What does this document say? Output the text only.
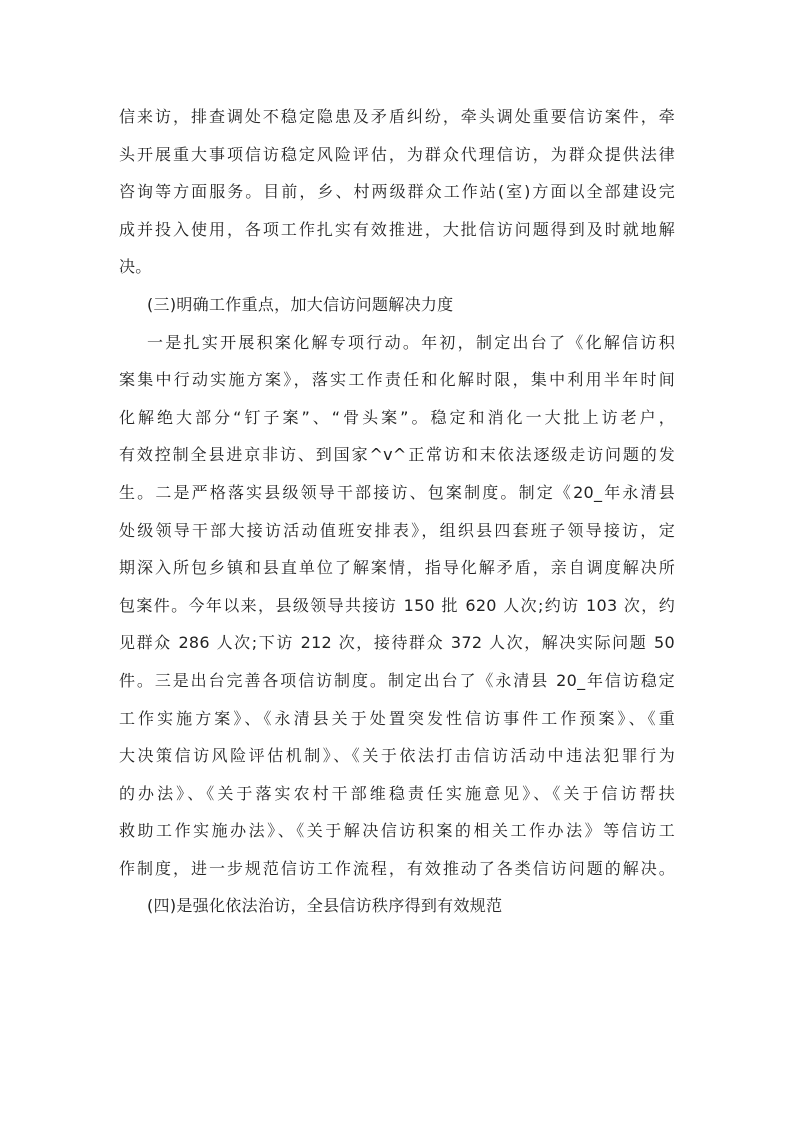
信来访，排查调处不稳定隐患及矛盾纠纷，牵头调处重要信访案件，牵
头开展重大事项信访稳定风险评估，为群众代理信访，为群众提供法律
咨询等方面服务。目前，乡、村两级群众工作站(室)方面以全部建设完
成并投入使用，各项工作扎实有效推进，大批信访问题得到及时就地解
决。
(三)明确工作重点，加大信访问题解决力度
一是扎实开展积案化解专项行动。年初，制定出台了《化解信访积
案集中行动实施方案》，落实工作责任和化解时限，集中利用半年时间
化解绝大部分“钉子案”、“骨头案”。稳定和消化一大批上访老户，
有效控制全县进京非访、到国家^v^正常访和末依法逐级走访问题的发
生。二是严格落实县级领导干部接访、包案制度。制定《20_年永清县
处级领导干部大接访活动值班安排表》，组织县四套班子领导接访，定
期深入所包乡镇和县直单位了解案情，指导化解矛盾，亲自调度解决所
包案件。今年以来，县级领导共接访 150 批 620 人次;约访 103 次，约
见群众 286 人次;下访 212 次，接待群众 372 人次，解决实际问题 50
件。三是出台完善各项信访制度。制定出台了《永清县 20_年信访稳定
工作实施方案》、《永清县关于处置突发性信访事件工作预案》、《重
大决策信访风险评估机制》、《关于依法打击信访活动中违法犯罪行为
的办法》、《关于落实农村干部维稳责任实施意见》、《关于信访帮扶
救助工作实施办法》、《关于解决信访积案的相关工作办法》等信访工
作制度，进一步规范信访工作流程，有效推动了各类信访问题的解决。
(四)是强化依法治访，全县信访秩序得到有效规范
